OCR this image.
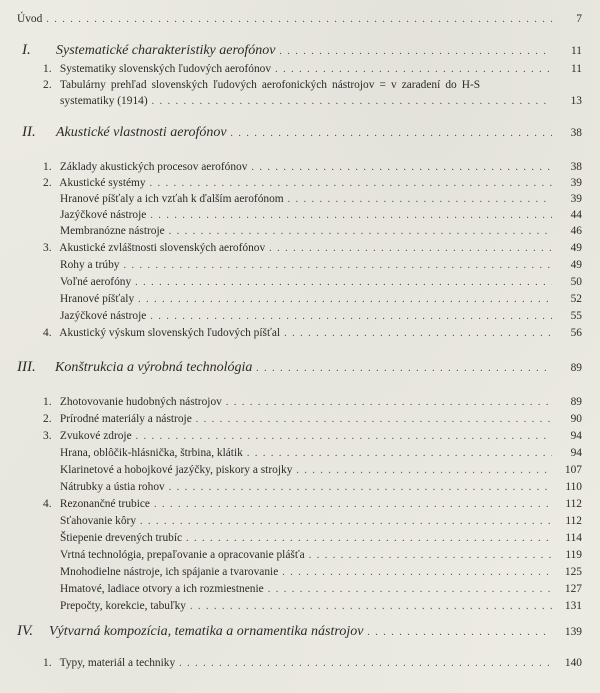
Úvod . . .	7
I. Systematické charakteristiky aerofónov . . .	11
1. Systematiky slovenských ľudových aerofónov . . .	11
2. Tabulárny prehľad slovenských ľudových aerofonických nástrojov = v zaradení do H-S
systematiky (1914) . . .	13
II. Akustické vlastnosti aerofónov . . .	38
1. Základy akustických procesov aerofónov . . .	38
2. Akustické systémy . . .	39
Hranové píšťaly a ich vzťah k ďalším aerofónom . . .	39
Jazýčkové nástroje . . .	44
Membranózne nástroje . . .	46
3. Akustické zvláštnosti slovenských aerofónov . . .	49
Rohy a trúby . . .	49
Voľné aerofóny . . .	50
Hranové píšťaly . . .	52
Jazýčkové nástroje . . .	55
4. Akustický výskum slovenských ľudových píšťal . . .	56
III. Konštrukcia a výrobná technológia . . .	89
1. Zhotovovanie hudobných nástrojov . . .	89
2. Prírodné materiály a nástroje . . .	90
3. Zvukové zdroje . . .	94
Hrana, oblôčik-hlásnička, štrbina, klátik . . .	94
Klarinetové a hobojkové jazýčky, piskory a strojky . . .	107
Nátrubky a ústia rohov . . .	110
4. Rezonančné trubice . . .	112
Sťahovanie kôry . . .	112
Štiepenie drevených trubíc . . .	114
Vrtná technológia, prepaľovanie a opracovanie plášťa . . .	119
Mnohodielne nástroje, ich spájanie a tvarovanie . . .	125
Hmatové, ladiace otvory a ich rozmiestnenie . . .	127
Prepočty, korekcie, tabuľky . . .	131
IV. Výtvarná kompozícia, tematika a ornamentika nástrojov . . .	139
1. Typy, materiál a techniky . . .	140
